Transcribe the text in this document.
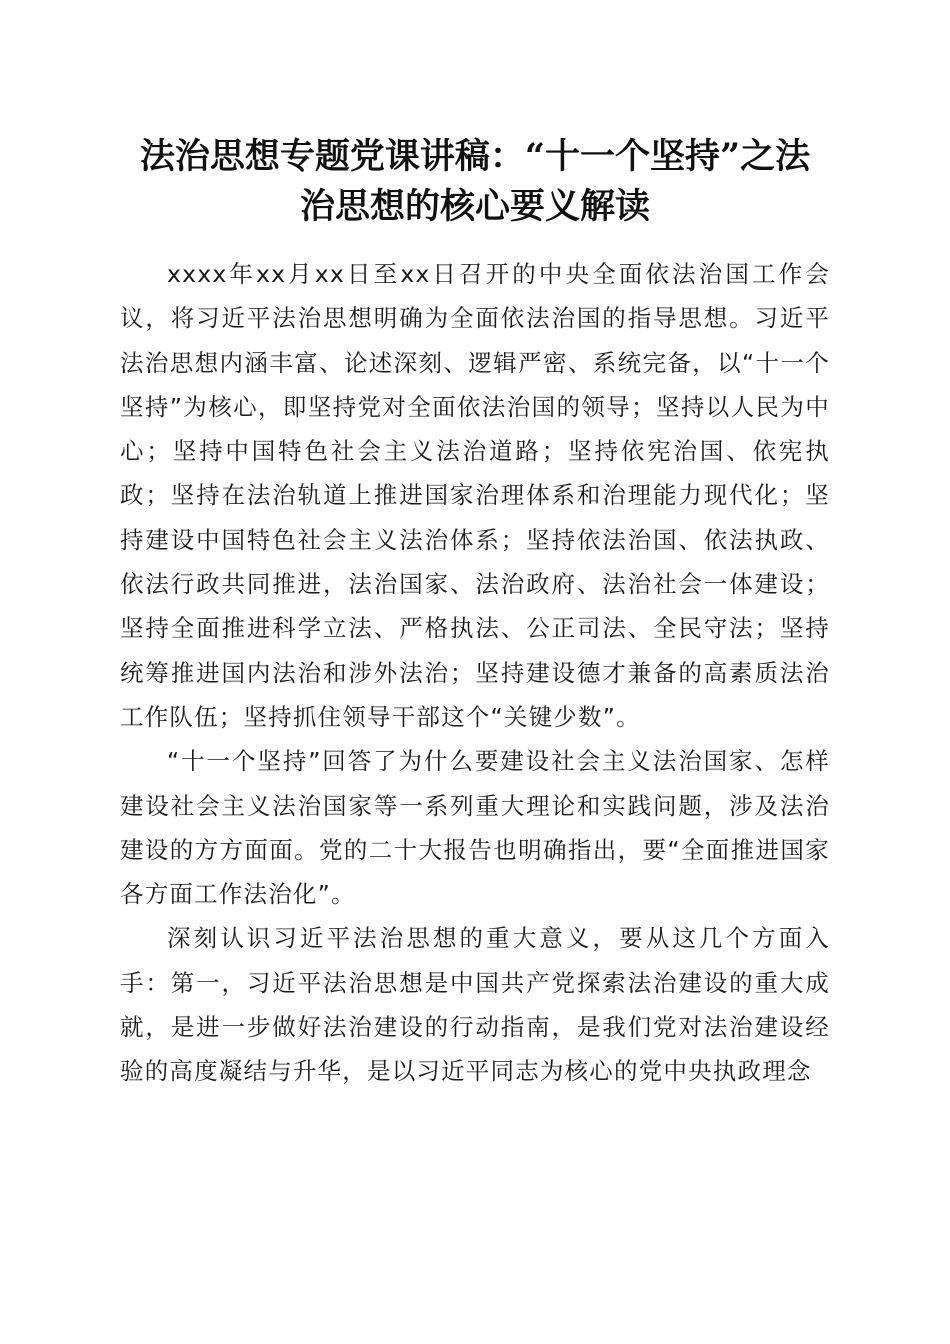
法治思想专题党课讲稿：“十一个坚持”之法
治思想的核心要义解读

xxxx年xx月xx日至xx日召开的中央全面依法治国工作会议，将习近平法治思想明确为全面依法治国的指导思想。习近平法治思想内涵丰富、论述深刻、逻辑严密、系统完备，以“十一个坚持”为核心，即坚持党对全面依法治国的领导；坚持以人民为中心；坚持中国特色社会主义法治道路；坚持依宪治国、依宪执政；坚持在法治轨道上推进国家治理体系和治理能力现代化；坚持建设中国特色社会主义法治体系；坚持依法治国、依法执政、依法行政共同推进，法治国家、法治政府、法治社会一体建设；坚持全面推进科学立法、严格执法、公正司法、全民守法；坚持统筹推进国内法治和涉外法治；坚持建设德才兼备的高素质法治工作队伍；坚持抓住领导干部这个“关键少数”。

“十一个坚持”回答了为什么要建设社会主义法治国家、怎样建设社会主义法治国家等一系列重大理论和实践问题，涉及法治建设的方方面面。党的二十大报告也明确指出，要“全面推进国家各方面工作法治化”。

深刻认识习近平法治思想的重大意义，要从这几个方面入手：第一，习近平法治思想是中国共产党探索法治建设的重大成就，是进一步做好法治建设的行动指南，是我们党对法治建设经验的高度凝结与升华，是以习近平同志为核心的党中央执政理念
